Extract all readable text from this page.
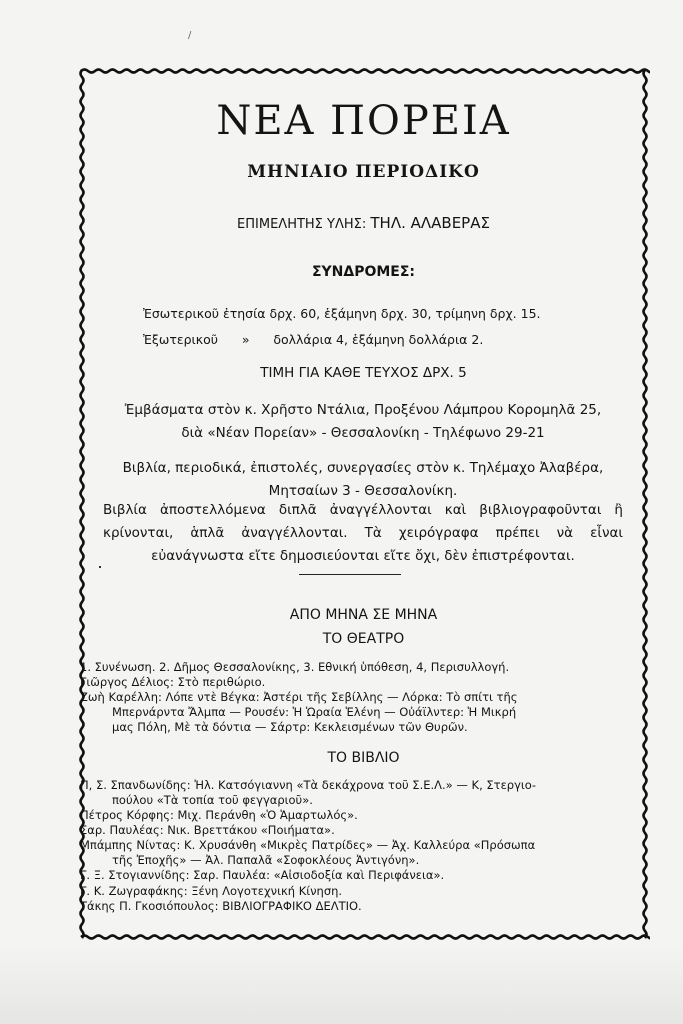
/
ΝΕΑ ΠΟΡΕΙΑ
ΜΗΝΙΑΙΟ ΠΕΡΙΟΔΙΚΟ
ΕΠΙΜΕΛΗΤΗΣ ΥΛΗΣ: ΤΗΛ. ΑΛΑΒΕΡΑΣ
ΣΥΝΔΡΟΜΕΣ:
Ἐσωτερικοῦ ἐτησία δρχ. 60, ἑξάμηνη δρχ. 30, τρίμηνη δρχ. 15.
Ἐξωτερικοῦ      »      δολλάρια 4, ἑξάμηνη δολλάρια 2.
ΤΙΜΗ ΓΙΑ ΚΑΘΕ ΤΕΥΧΟΣ ΔΡΧ. 5
Ἐμβάσματα στὸν κ. Χρῆστο Ντάλια, Προξένου Λάμπρου Κορομηλᾶ 25,
διὰ «Νέαν Πορείαν» - Θεσσαλονίκη - Τηλέφωνο 29-21
Βιβλία, περιοδικά, ἐπιστολές, συνεργασίες στὸν κ. Τηλέμαχο Ἀλαβέρα,
Μητσαίων 3 - Θεσσαλονίκη.
Βιβλία ἀποστελλόμενα διπλᾶ ἀναγγέλλονται καὶ βιβλιογραφοῦνται ἢ κρίνονται, ἁπλᾶ ἀναγγέλλονται. Τὰ χειρόγραφα πρέπει νὰ εἶναι εὐανάγνωστα εἴτε δημοσιεύονται εἴτε ὄχι, δὲν ἐπιστρέφονται.
ΑΠΟ ΜΗΝΑ ΣΕ ΜΗΝΑ
ΤΟ ΘΕΑΤΡΟ
1. Συνένωση. 2. Δῆμος Θεσσαλονίκης, 3. Εθνική ὑπόθεση, 4, Περισυλλογή.
Γιῶργος Δέλιος: Στὸ περιθώριο.
Ζωὴ Καρέλλη: Λόπε ντὲ Βέγκα: Ἀστέρι τῆς Σεβίλλης — Λόρκα: Τὸ σπίτι τῆς
Μπερνάρντα Ἄλμπα — Ρουσέν: Ἡ Ὡραία Ἑλένη — Οὐάϊλντερ: Ἡ Μικρή
μας Πόλη, Μὲ τὰ δόντια — Σάρτρ: Κεκλεισμένων τῶν Θυρῶν.
ΤΟ ΒΙΒΛΙΟ
Π, Σ. Σπανδωνίδης: Ἠλ. Κατσόγιαννη «Τὰ δεκάχρονα τοῦ Σ.Ε.Λ.» — Κ, Στεργιο-
πούλου «Τὰ τοπία τοῦ φεγγαριοῦ».
Πέτρος Κόρφης: Μιχ. Περάνθη «Ὁ Ἁμαρτωλός».
Σαρ. Παυλέας: Νικ. Βρεττάκου «Ποιήματα».
Μπάμπης Νίντας: Κ. Χρυσάνθη «Μικρὲς Πατρίδες» — Ἀχ. Καλλεύρα «Πρόσωπα
τῆς Ἐποχῆς» — Ἀλ. Παπαλᾶ «Σοφοκλέους Ἀντιγόνη».
Γ. Ξ. Στογιαννίδης: Σαρ. Παυλέα: «Αἰσιοδοξία καὶ Περιφάνεια».
Γ. Κ. Ζωγραφάκης: Ξένη Λογοτεχνική Κίνηση.
Τάκης Π. Γκοσιόπουλος: ΒΙΒΛΙΟΓΡΑΦΙΚΟ ΔΕΛΤΙΟ.
